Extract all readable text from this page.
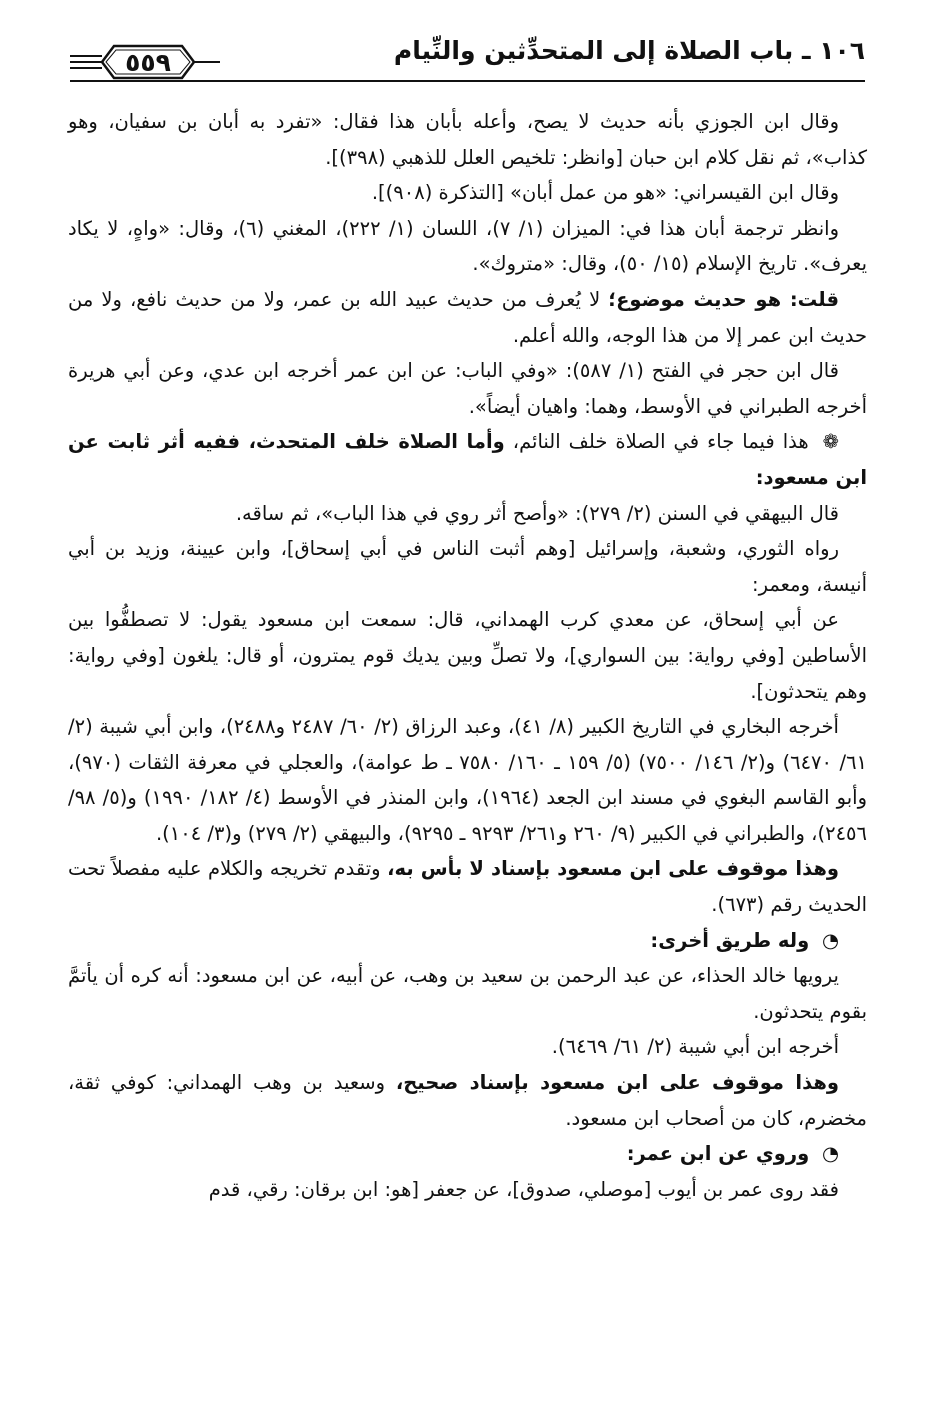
١٠٦ ـ باب الصلاة إلى المتحدِّثين والنِّيام
٥٥٩

وقال ابن الجوزي بأنه حديث لا يصح، وأعله بأبان هذا فقال: «تفرد به أبان بن سفيان، وهو كذاب»، ثم نقل كلام ابن حبان [وانظر: تلخيص العلل للذهبي (٣٩٨)].

وقال ابن القيسراني: «هو من عمل أبان» [التذكرة (٩٠٨)].

وانظر ترجمة أبان هذا في: الميزان (١/ ٧)، اللسان (١/ ٢٢٢)، المغني (٦)، وقال: «واهٍ، لا يكاد يعرف». تاريخ الإسلام (١٥/ ٥٠)، وقال: «متروك».

قلت: هو حديث موضوع؛ لا يُعرف من حديث عبيد الله بن عمر، ولا من حديث نافع، ولا من حديث ابن عمر إلا من هذا الوجه، والله أعلم.

قال ابن حجر في الفتح (١/ ٥٨٧): «وفي الباب: عن ابن عمر أخرجه ابن عدي، وعن أبي هريرة أخرجه الطبراني في الأوسط، وهما: واهيان أيضاً».

❁ هذا فيما جاء في الصلاة خلف النائم، وأما الصلاة خلف المتحدث، ففيه أثر ثابت عن ابن مسعود:

قال البيهقي في السنن (٢/ ٢٧٩): «وأصح أثر روي في هذا الباب»، ثم ساقه.

رواه الثوري، وشعبة، وإسرائيل [وهم أثبت الناس في أبي إسحاق]، وابن عيينة، وزيد بن أبي أنيسة، ومعمر:

عن أبي إسحاق، عن معدي كرب الهمداني، قال: سمعت ابن مسعود يقول: لا تصطفُّوا بين الأساطين [وفي رواية: بين السواري]، ولا تصلِّ وبين يديك قوم يمترون، أو قال: يلغون [وفي رواية: وهم يتحدثون].

أخرجه البخاري في التاريخ الكبير (٨/ ٤١)، وعبد الرزاق (٢/ ٦٠/ ٢٤٨٧ و٢٤٨٨)، وابن أبي شيبة (٢/ ٦١/ ٦٤٧٠) و(٢/ ١٤٦/ ٧٥٠٠) (٥/ ١٥٩ ـ ١٦٠/ ٧٥٨٠ ـ ط عوامة)، والعجلي في معرفة الثقات (٩٧٠)، وأبو القاسم البغوي في مسند ابن الجعد (١٩٦٤)، وابن المنذر في الأوسط (٤/ ١٨٢/ ١٩٩٠) و(٥/ ٩٨/ ٢٤٥٦)، والطبراني في الكبير (٩/ ٢٦٠ و٢٦١/ ٩٢٩٣ ـ ٩٢٩٥)، والبيهقي (٢/ ٢٧٩) و(٣/ ١٠٤).

وهذا موقوف على ابن مسعود بإسناد لا بأس به، وتقدم تخريجه والكلام عليه مفصلاً تحت الحديث رقم (٦٧٣).

◔ وله طريق أخرى:

يرويها خالد الحذاء، عن عبد الرحمن بن سعيد بن وهب، عن أبيه، عن ابن مسعود: أنه كره أن يأتمَّ بقوم يتحدثون.

أخرجه ابن أبي شيبة (٢/ ٦١/ ٦٤٦٩).

وهذا موقوف على ابن مسعود بإسناد صحيح، وسعيد بن وهب الهمداني: كوفي ثقة، مخضرم، كان من أصحاب ابن مسعود.

◔ وروي عن ابن عمر:

فقد روى عمر بن أيوب [موصلي، صدوق]، عن جعفر [هو: ابن برقان: رقي، قدم
